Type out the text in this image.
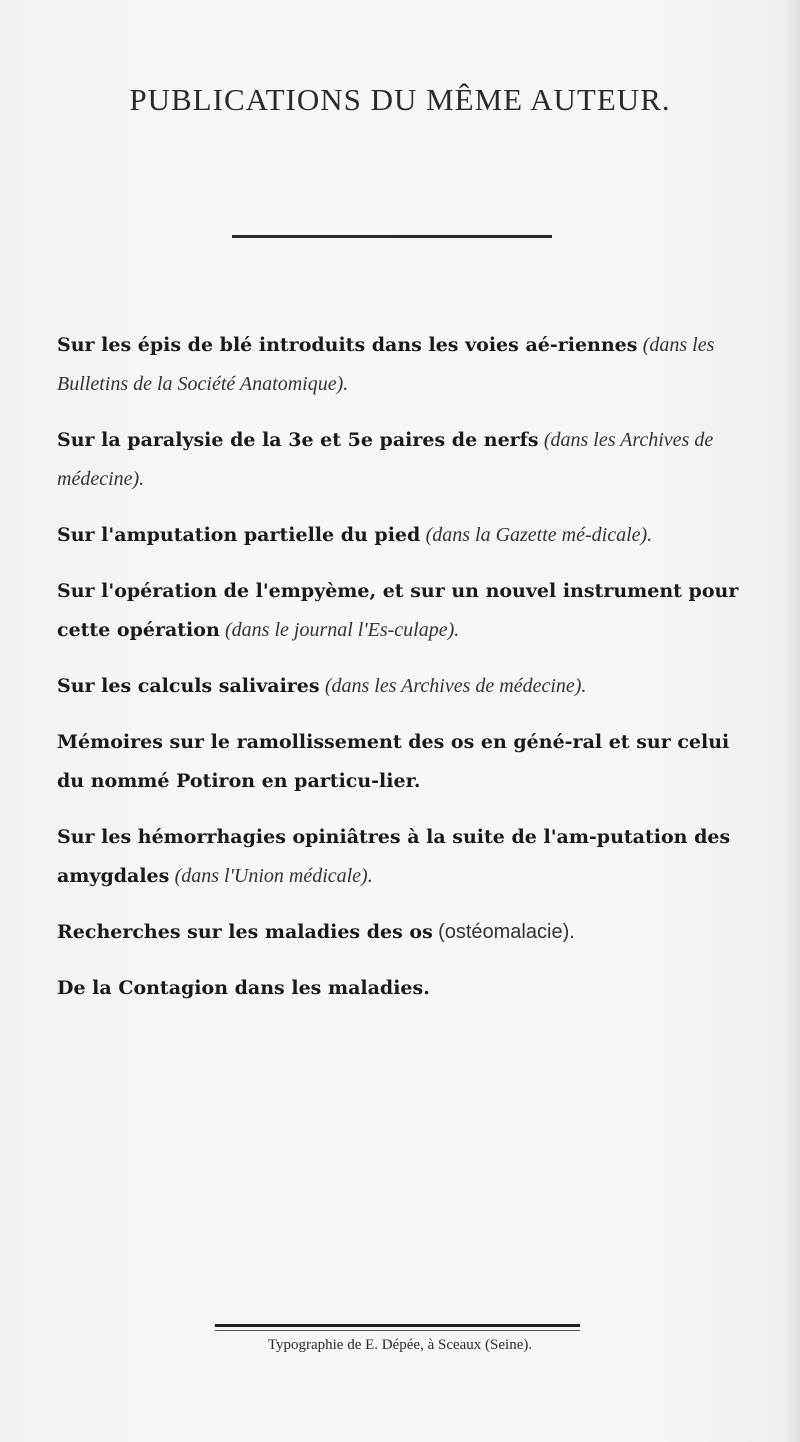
PUBLICATIONS DU MÊME AUTEUR.
Sur les épis de blé introduits dans les voies aé-riennes (dans les Bulletins de la Société Anatomique).
Sur la paralysie de la 3e et 5e paires de nerfs (dans les Archives de médecine).
Sur l'amputation partielle du pied (dans la Gazette mé-dicale).
Sur l'opération de l'empyème, et sur un nouvel instrument pour cette opération (dans le journal l'Es-culape).
Sur les calculs salivaires (dans les Archives de médecine).
Mémoires sur le ramollissement des os en géné-ral et sur celui du nommé Potiron en particu-lier.
Sur les hémorrhagies opiniâtres à la suite de l'am-putation des amygdales (dans l'Union médicale).
Recherches sur les maladies des os (ostéomalacie).
De la Contagion dans les maladies.
Typographie de E. Dépée, à Sceaux (Seine).
